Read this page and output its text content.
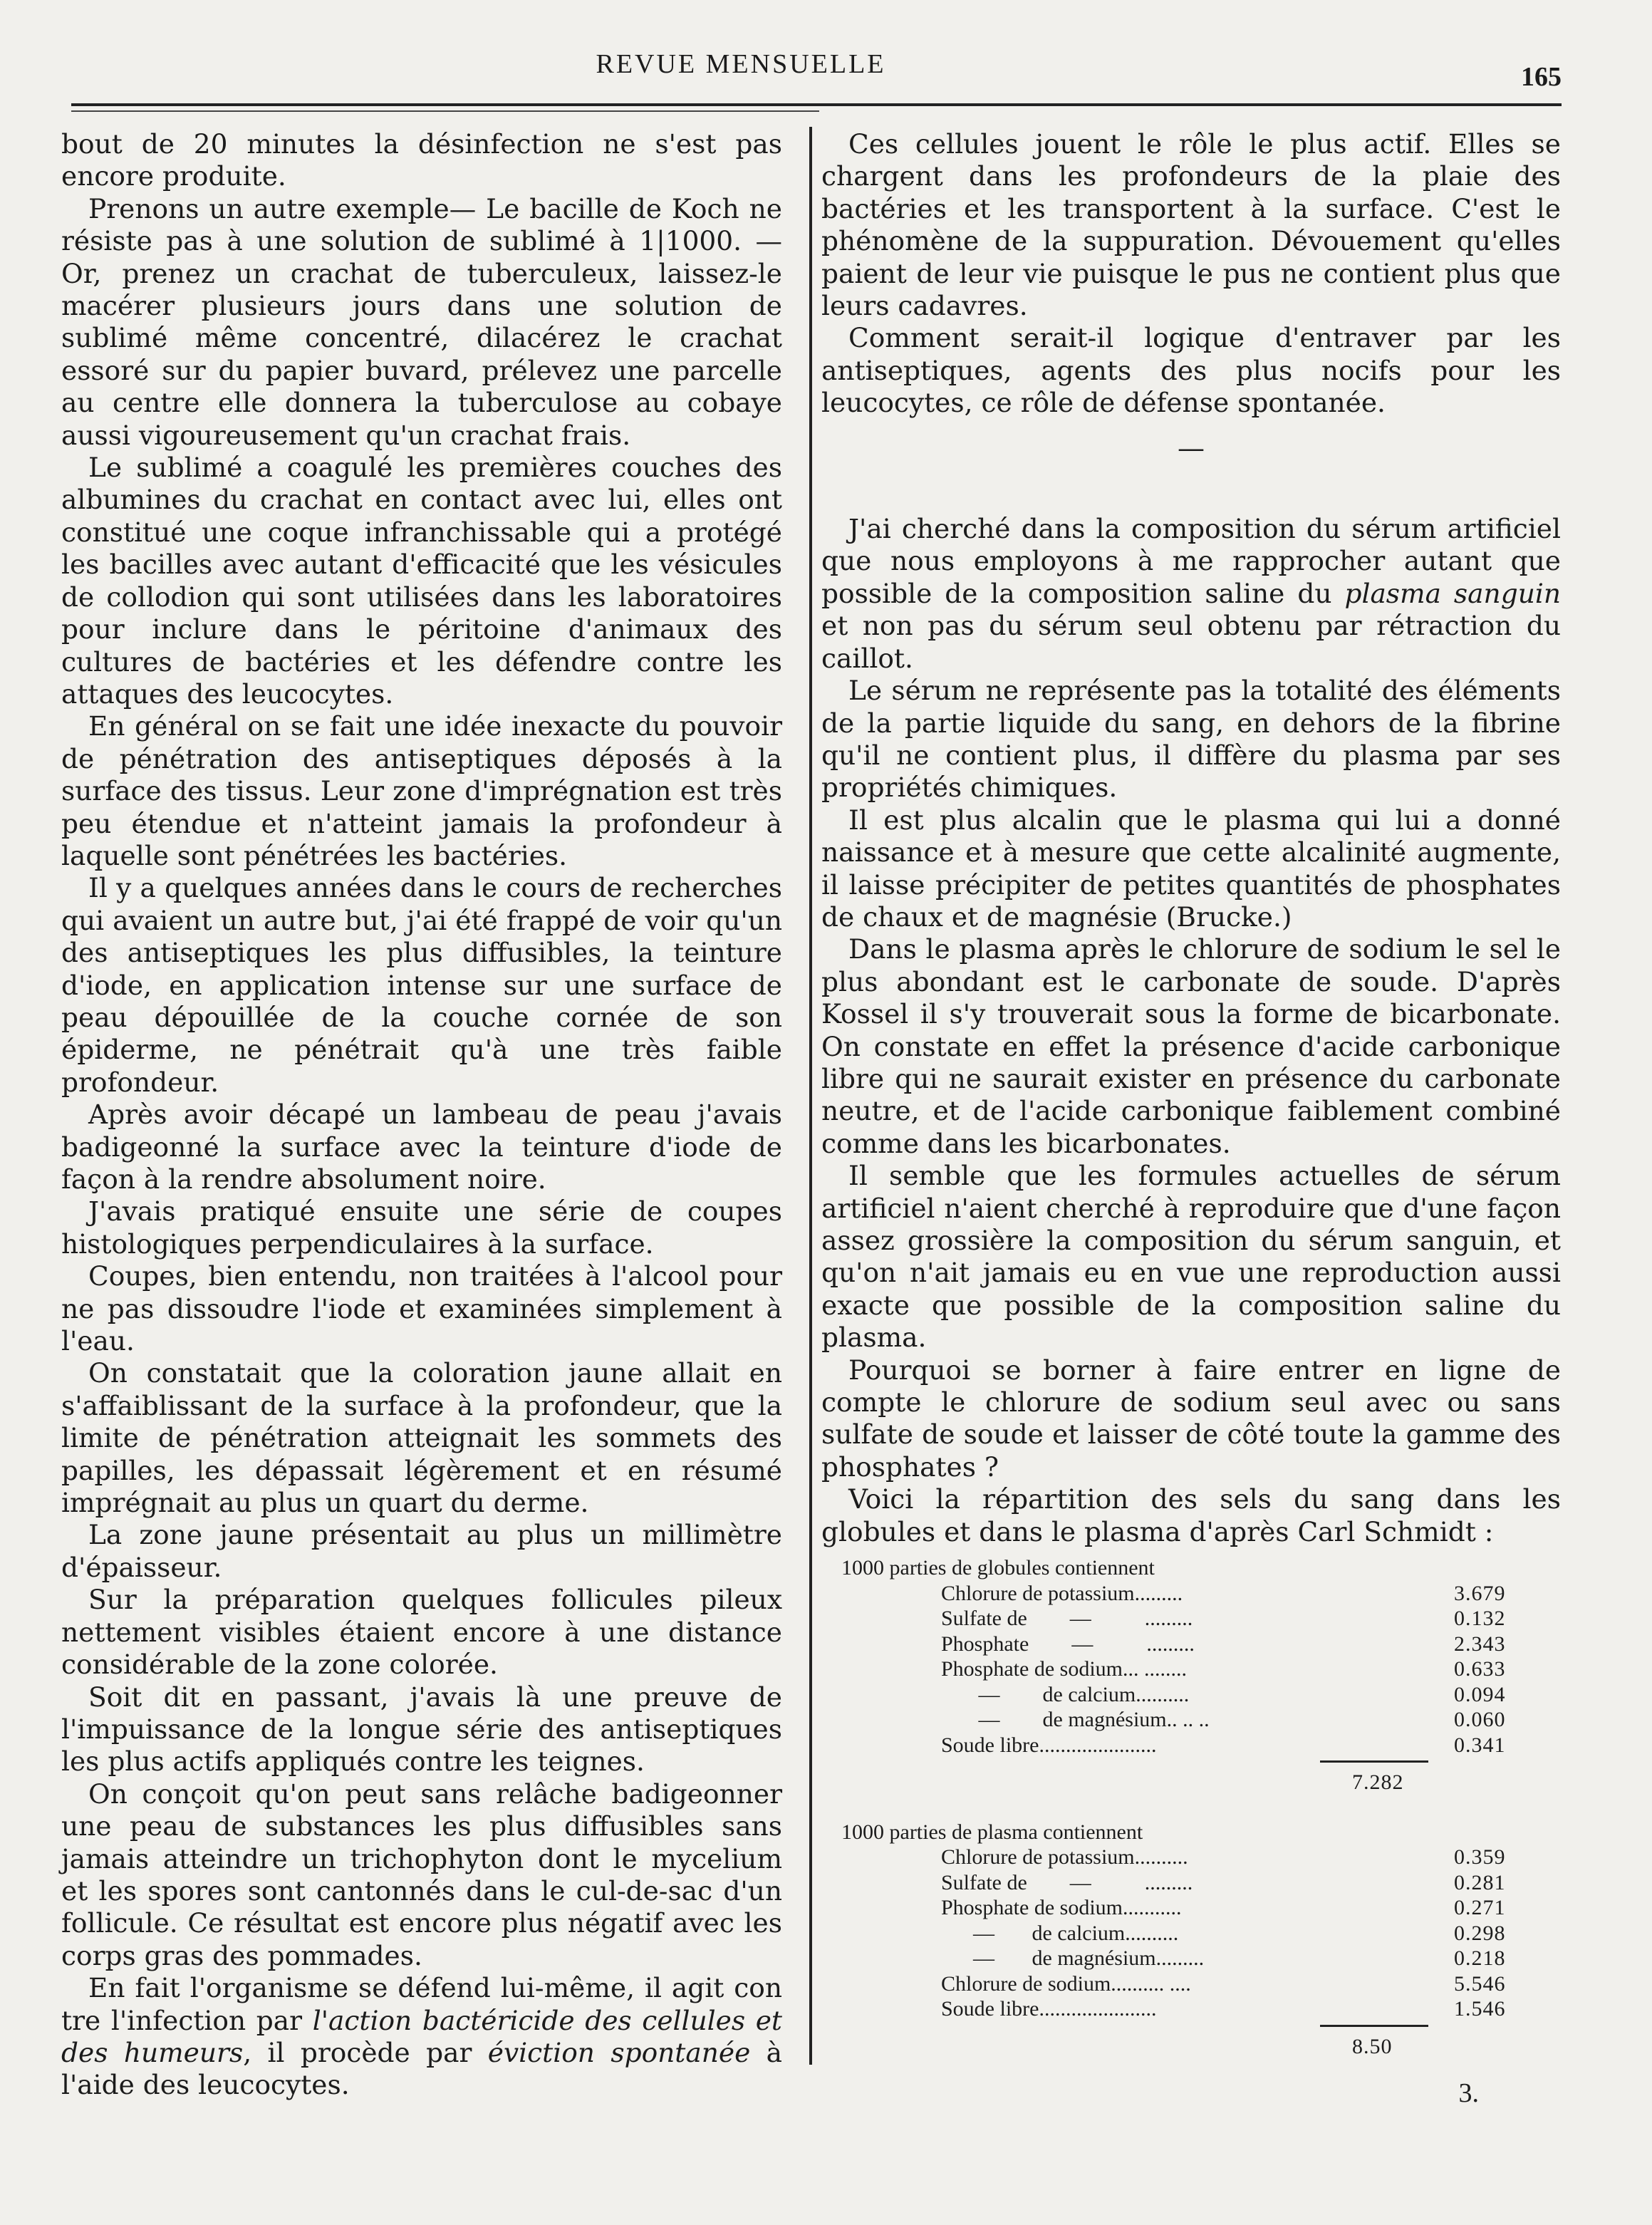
REVUE MENSUELLE	165

bout de 20 minutes la désinfection ne s'est pas encore produite.

Prenons un autre exemple— Le bacille de Koch ne résiste pas à une solution de sublimé à 1|1000. — Or, prenez un crachat de tuberculeux, laissez-le macérer plusieurs jours dans une solution de sublimé même concentré, dilacérez le crachat essoré sur du papier buvard, prélevez une parcelle au centre elle donnera la tuberculose au cobaye aussi vigoureusement qu'un crachat frais.

Le sublimé a coagulé les premières couches des albumines du crachat en contact avec lui, elles ont constitué une coque infranchissable qui a protégé les bacilles avec autant d'efficacité que les vésicules de collodion qui sont utilisées dans les laboratoires pour inclure dans le péritoine d'animaux des cultures de bactéries et les défendre contre les attaques des leucocytes.

En général on se fait une idée inexacte du pouvoir de pénétration des antiseptiques déposés à la surface des tissus. Leur zone d'imprégnation est très peu étendue et n'atteint jamais la profondeur à laquelle sont pénétrées les bactéries.

Il y a quelques années dans le cours de recherches qui avaient un autre but, j'ai été frappé de voir qu'un des antiseptiques les plus diffusibles, la teinture d'iode, en application intense sur une surface de peau dépouillée de la couche cornée de son épiderme, ne pénétrait qu'à une très faible profondeur.

Après avoir décapé un lambeau de peau j'avais badigeonné la surface avec la teinture d'iode de façon à la rendre absolument noire.

J'avais pratiqué ensuite une série de coupes histologiques perpendiculaires à la surface.

Coupes, bien entendu, non traitées à l'alcool pour ne pas dissoudre l'iode et examinées simplement à l'eau.

On constatait que la coloration jaune allait en s'affaiblissant de la surface à la profondeur, que la limite de pénétration atteignait les sommets des papilles, les dépassait légèrement et en résumé imprégnait au plus un quart du derme.

La zone jaune présentait au plus un millimètre d'épaisseur.

Sur la préparation quelques follicules pileux nettement visibles étaient encore à une distance considérable de la zone colorée.

Soit dit en passant, j'avais là une preuve de l'impuissance de la longue série des antiseptiques les plus actifs appliqués contre les teignes.

On conçoit qu'on peut sans relâche badigeonner une peau de substances les plus diffusibles sans jamais atteindre un trichophyton dont le mycelium et les spores sont cantonnés dans le cul-de-sac d'un follicule. Ce résultat est encore plus négatif avec les corps gras des pommades.

En fait l'organisme se défend lui-même, il agit con tre l'infection par l'action bactéricide des cellules et des humeurs, il procède par éviction spontanée à l'aide des leucocytes.

Ces cellules jouent le rôle le plus actif. Elles se chargent dans les profondeurs de la plaie des bactéries et les transportent à la surface. C'est le phénomène de la suppuration. Dévouement qu'elles paient de leur vie puisque le pus ne contient plus que leurs cadavres.

Comment serait-il logique d'entraver par les antiseptiques, agents des plus nocifs pour les leucocytes, ce rôle de défense spontanée.

—

J'ai cherché dans la composition du sérum artificiel que nous employons à me rapprocher autant que possible de la composition saline du plasma sanguin et non pas du sérum seul obtenu par rétraction du caillot.

Le sérum ne représente pas la totalité des éléments de la partie liquide du sang, en dehors de la fibrine qu'il ne contient plus, il diffère du plasma par ses propriétés chimiques.

Il est plus alcalin que le plasma qui lui a donné naissance et à mesure que cette alcalinité augmente, il laisse précipiter de petites quantités de phosphates de chaux et de magnésie (Brucke.)

Dans le plasma après le chlorure de sodium le sel le plus abondant est le carbonate de soude. D'après Kossel il s'y trouverait sous la forme de bicarbonate. On constate en effet la présence d'acide carbonique libre qui ne saurait exister en présence du carbonate neutre, et de l'acide carbonique faiblement combiné comme dans les bicarbonates.

Il semble que les formules actuelles de sérum artificiel n'aient cherché à reproduire que d'une façon assez grossière la composition du sérum sanguin, et qu'on n'ait jamais eu en vue une reproduction aussi exacte que possible de la composition saline du plasma.

Pourquoi se borner à faire entrer en ligne de compte le chlorure de sodium seul avec ou sans sulfate de soude et laisser de côté toute la gamme des phosphates ?

Voici la répartition des sels du sang dans les globules et dans le plasma d'après Carl Schmidt :

1000 parties de globules contiennent
Chlorure de potassium.........	3.679
Sulfate de        —          .........	0.132
Phosphate        —          .........	2.343
Phosphate de sodium... ........	0.633
—        de calcium..........	0.094
—        de magnésium.. .. ..	0.060
Soude libre......................	0.341
7.282
1000 parties de plasma contiennent
Chlorure de potassium..........	0.359
Sulfate de        —          .........	0.281
Phosphate de sodium...........	0.271
—       de calcium..........	0.298
—       de magnésium.........	0.218
Chlorure de sodium.......... ....	5.546
Soude libre......................	1.546
8.50
3.
